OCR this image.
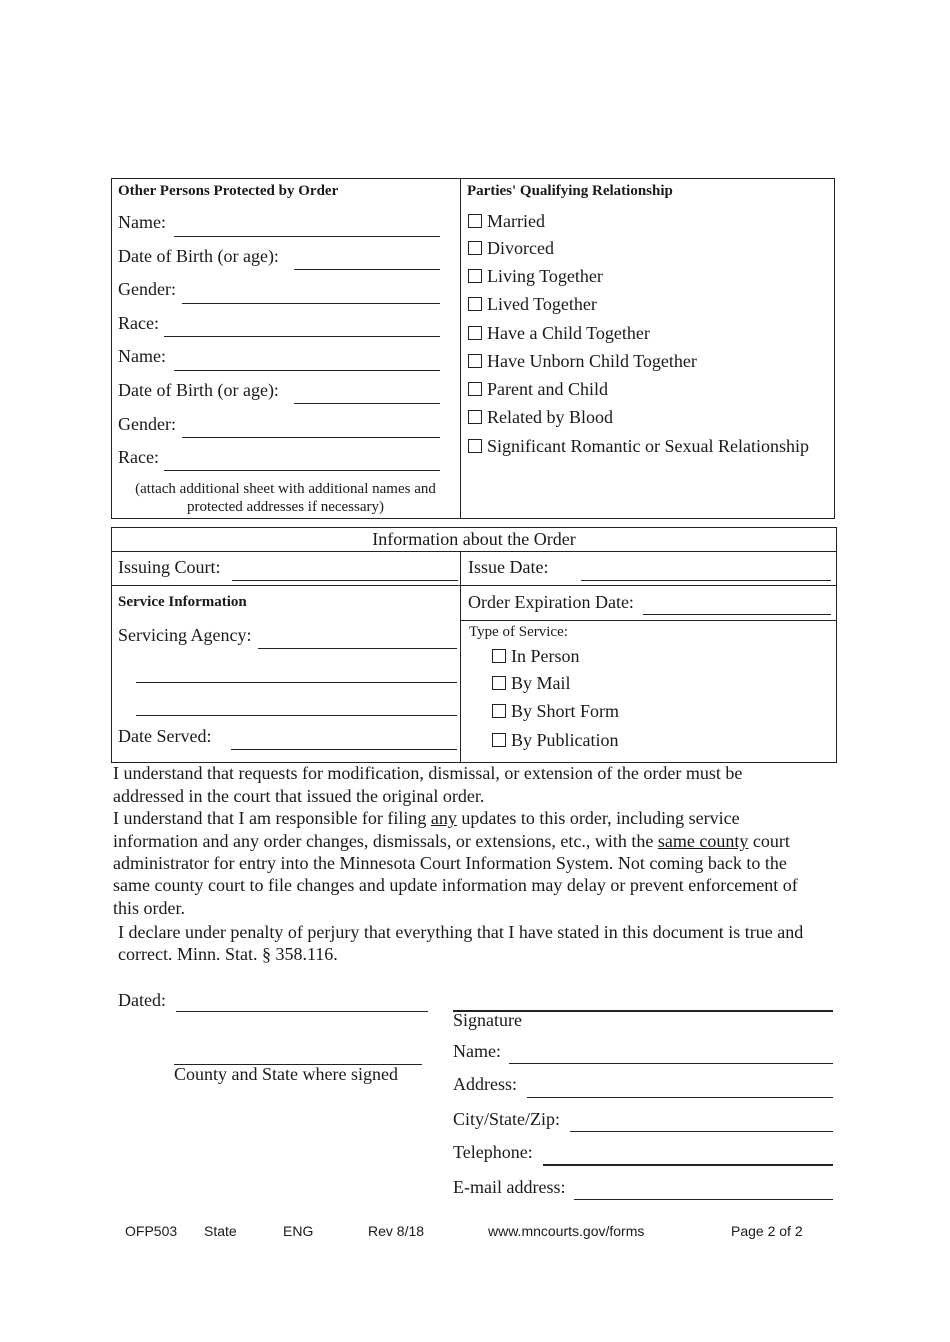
Other Persons Protected by Order
Name:
Date of Birth (or age):
Gender:
Race:
Name:
Date of Birth (or age):
Gender:
Race:
(attach additional sheet with additional names and
protected addresses if necessary)
Parties' Qualifying Relationship
Married
Divorced
Living Together
Lived Together
Have a Child Together
Have Unborn Child Together
Parent and Child
Related by Blood
Significant Romantic or Sexual Relationship
Information about the Order
Issuing Court:	Issue Date:
Service Information	Order Expiration Date:
Servicing Agency:
Date Served:
Type of Service:
In Person
By Mail
By Short Form
By Publication
I understand that requests for modification, dismissal, or extension of the order must be
addressed in the court that issued the original order.
I understand that I am responsible for filing any updates to this order, including service
information and any order changes, dismissals, or extensions, etc., with the same county court
administrator for entry into the Minnesota Court Information System. Not coming back to the
same county court to file changes and update information may delay or prevent enforcement of
this order.
I declare under penalty of perjury that everything that I have stated in this document is true and
correct. Minn. Stat. § 358.116.
Dated:
County and State where signed
Signature
Name:
Address:
City/State/Zip:
Telephone:
E-mail address:
OFP503 State	ENG	Rev 8/18	www.mncourts.gov/forms	Page 2 of 2
